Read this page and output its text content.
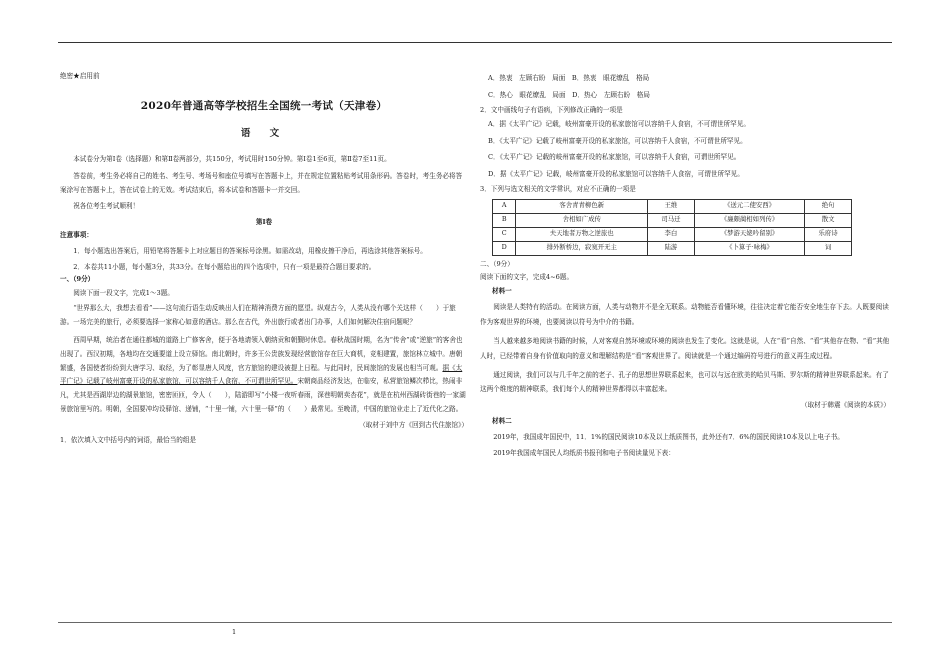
绝密★启用前

2020年普通高等学校招生全国统一考试（天津卷）

语 文

本试卷分为第Ⅰ卷（选择题）和第Ⅱ卷两部分，共150分，考试用时150分钟。第Ⅰ卷1至6页，第Ⅱ卷7至11页。

答卷前，考生务必将自己的姓名、考生号、考场号和座位号填写在答题卡上，并在规定位置粘贴考试用条形码。答卷时，考生务必将答案涂写在答题卡上，答在试卷上的无效。考试结束后，将本试卷和答题卡一并交回。

祝各位考生考试顺利！

第Ⅰ卷

注意事项：

1．每小题选出答案后，用铅笔将答题卡上对应题目的答案标号涂黑。如需改动，用橡皮擦干净后，再选涂其他答案标号。

2．本卷共11小题，每小题3分，共33分。在每小题给出的四个选项中，只有一项是最符合题目要求的。

一、（9分）

阅读下面一段文字，完成1～3题。

“世界那么大，我想去看看”——这句流行语生动反映出人们在精神消费方面的愿望。纵观古今，人类从没有哪个关这样（　　）于旅游。一场完美的旅行，必须要选择一家称心如意的酒店。那么在古代，外出旅行或者出门办事，人们如何解决住宿问题呢？

西周早期，统治者在通往都城的道路上广修客舍，便于各地请领入朝纳贡和朝觐时休息。春秋战国时期，名为“传舍”或“逆旅”的客舍也出现了。西汉初期，各地均在交通要道上设立驿馆。南北朝时，许多王公贵族发现经营旅馆存在巨大商机，竞相建置，旅馆林立城中。唐朝繁盛，各国使者纷纷到大唐学习、取经，为了彰显唐人风度，官方旅馆的建设被提上日程。与此同时，民间旅馆的发展也相当可观。据《太平广记》记载了岐州富豪开设的私家旅馆，可以容纳千人食宿，不可谓世所罕见。宋朝商品经济发达，在临安，私营旅馆鳞次栉比，热闹非凡，尤其是西湖岸边的湖景旅馆，密密匝匝，令人（　　），陆游即写“小楼一夜听春雨，深巷明朝卖杏花”，就是在杭州西湖砖街巷的一家湖景旅馆里写的。明朝，全国要冲均设驿馆、递铺，“十里一铺，六十里一驿”的（　　）最常见。至晚清，中国的旅馆业走上了近代化之路。

（取材于刘中方《回到古代住旅馆》）

1．依次填入文中括号内的词语，最恰当的组是

A．热衷　左顾右盼　局面　B．热衷　眼花缭乱　格局

C．热心　眼花缭乱　局面　D．热心　左顾右盼　格局

2．文中画线句子有语病，下列修改正确的一项是

A．据《太平广记》记载，岐州富豪开设的私家旅馆可以容纳千人食宿，不可谓世所罕见。

B．《太平广记》记载了岐州富豪开设的私家旅馆，可以容纳千人食宿，不可谓世所罕见。

C．《太平广记》记载的岐州富豪开设的私家旅馆，可以容纳千人食宿，可谓世所罕见。

D．据《太平广记》记载，岐州富豪开设的私家旅馆可以容纳千人食宿，可谓世所罕见。

3．下列与选文相关的文学常识，对应不正确的一项是

A	客舍青青柳色新	王维	《送元二使安西》	绝句
B	舍相如广成传	司马迁	《廉颇蔺相如列传》	散文
C	夫天地者万物之逆旅也	李白	《梦游天姥吟留别》	乐府诗
D	排外断桥边，寂寞开无主	陆游	《卜算子·咏梅》	词

二、（9分）

阅读下面的文字，完成4~6题。

材料一

阅读是人类特有的活动。在阅读方面，人类与动物并不是全无联系。动物能否看懂环境，往往决定着它能否安全地生存下去。人既要阅读作为客观世界的环境，也要阅读以符号为中介的书籍。

当人越来越多地阅读书籍的时候，人对客观自然环境或环境的阅读也发生了变化。这就是说，人在“看”自然、“看”其他存在物、“看”其他人时，已经带着自身有价值取向的意义和理解结构是“看”客观世界了。阅读就是一个通过编码符号进行的意义再生成过程。

通过阅读，我们可以与几千年之前的老子、孔子的思想世界联系起来，也可以与远在欧美的哈贝马斯、罗尔斯的精神世界联系起来。有了这两个维度的精神联系，我们每个人的精神世界都得以丰富起来。

（取材于韩震《阅读的本质》）

材料二

2019年，我国成年国民中，11．1%的国民阅读10本及以上纸质图书，此外还有7．6%的国民阅读10本及以上电子书。

2019年我国成年国民人均纸质书报刊和电子书阅读量见下表：

1
